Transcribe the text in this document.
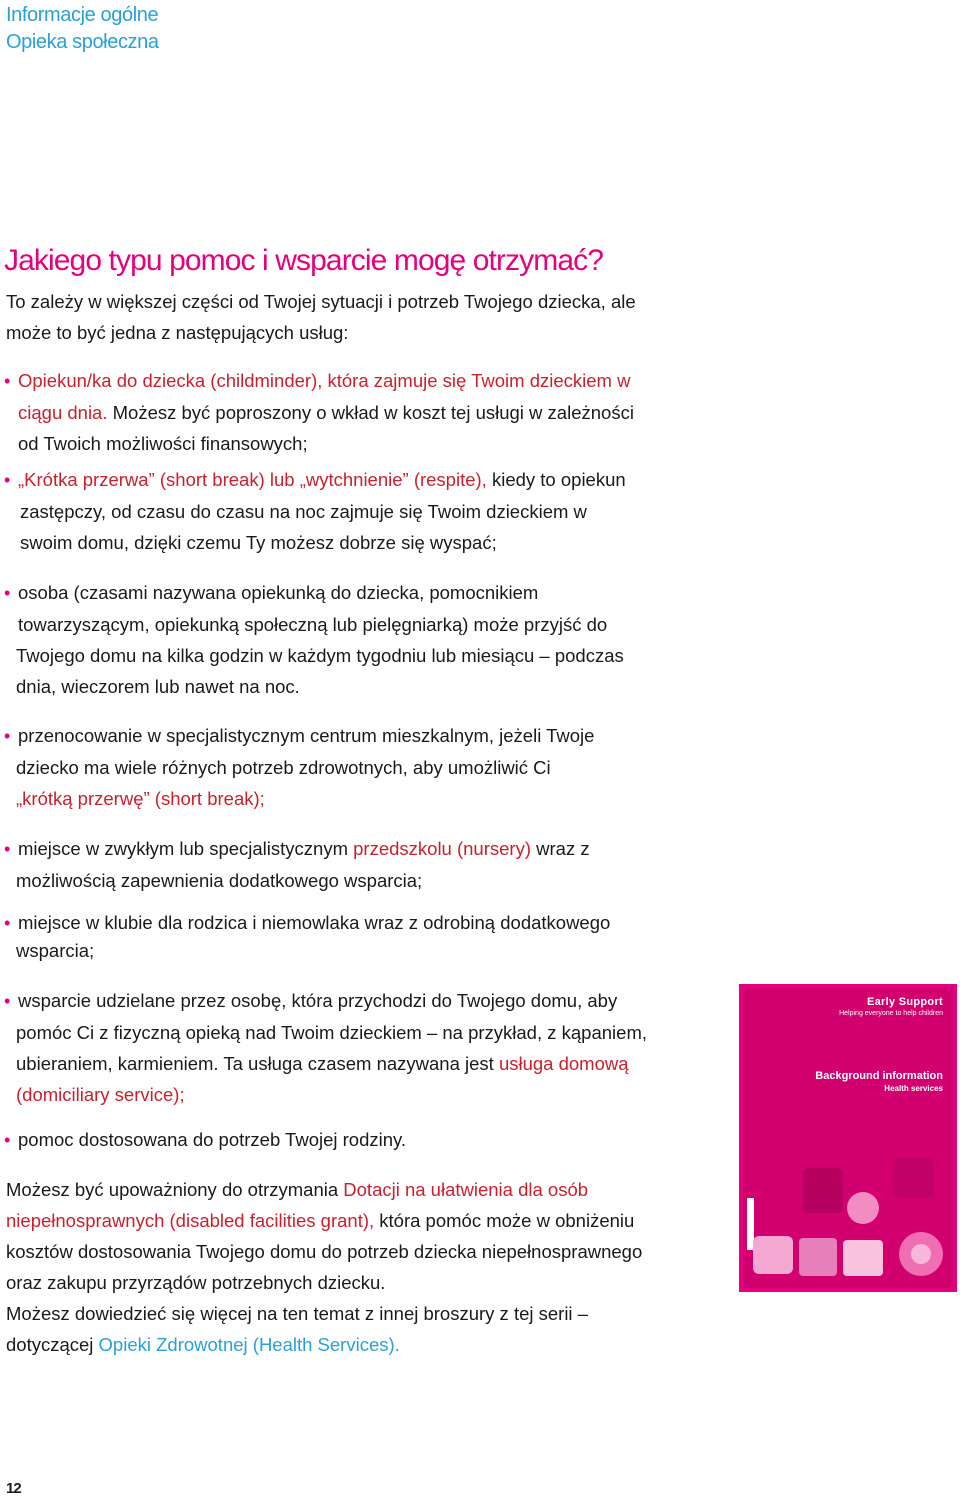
Informacje ogólne
Opieka społeczna
Jakiego typu pomoc i wsparcie mogę otrzymać?

To zależy w większej części od Twojej sytuacji i potrzeb Twojego dziecka, ale
może to być jedna z następujących usług:

• Opiekun/ka do dziecka (childminder), która zajmuje się Twoim dzieckiem w
ciągu dnia. Możesz być poproszony o wkład w koszt tej usługi w zależności
od Twoich możliwości finansowych;
• „Krótka przerwa” (short break) lub „wytchnienie” (respite), kiedy to opiekun
zastępczy, od czasu do czasu na noc zajmuje się Twoim dzieckiem w
swoim domu, dzięki czemu Ty możesz dobrze się wyspać;
• osoba (czasami nazywana opiekunką do dziecka, pomocnikiem
towarzyszącym, opiekunką społeczną lub pielęgniarką) może przyjść do
Twojego domu na kilka godzin w każdym tygodniu lub miesiącu – podczas
dnia, wieczorem lub nawet na noc.
• przenocowanie w specjalistycznym centrum mieszkalnym, jeżeli Twoje
dziecko ma wiele różnych potrzeb zdrowotnych, aby umożliwić Ci
„krótką przerwę” (short break);
• miejsce w zwykłym lub specjalistycznym przedszkolu (nursery) wraz z
możliwością zapewnienia dodatkowego wsparcia;
• miejsce w klubie dla rodzica i niemowlaka wraz z odrobiną dodatkowego
wsparcia;
• wsparcie udzielane przez osobę, która przychodzi do Twojego domu, aby
pomóc Ci z fizyczną opieką nad Twoim dzieckiem – na przykład, z kąpaniem,
ubieraniem, karmieniem. Ta usługa czasem nazywana jest usługa domową
(domiciliary service);
• pomoc dostosowana do potrzeb Twojej rodziny.

Możesz być upoważniony do otrzymania Dotacji na ułatwienia dla osób
niepełnosprawnych (disabled facilities grant), która pomóc może w obniżeniu
kosztów dostosowania Twojego domu do potrzeb dziecka niepełnosprawnego
oraz zakupu przyrządów potrzebnych dziecku.

Możesz dowiedzieć się więcej na ten temat z innej broszury z tej serii –
dotyczącej Opieki Zdrowotnej (Health Services).

Early Support
Helping everyone to help children
Background information
Health services
12
